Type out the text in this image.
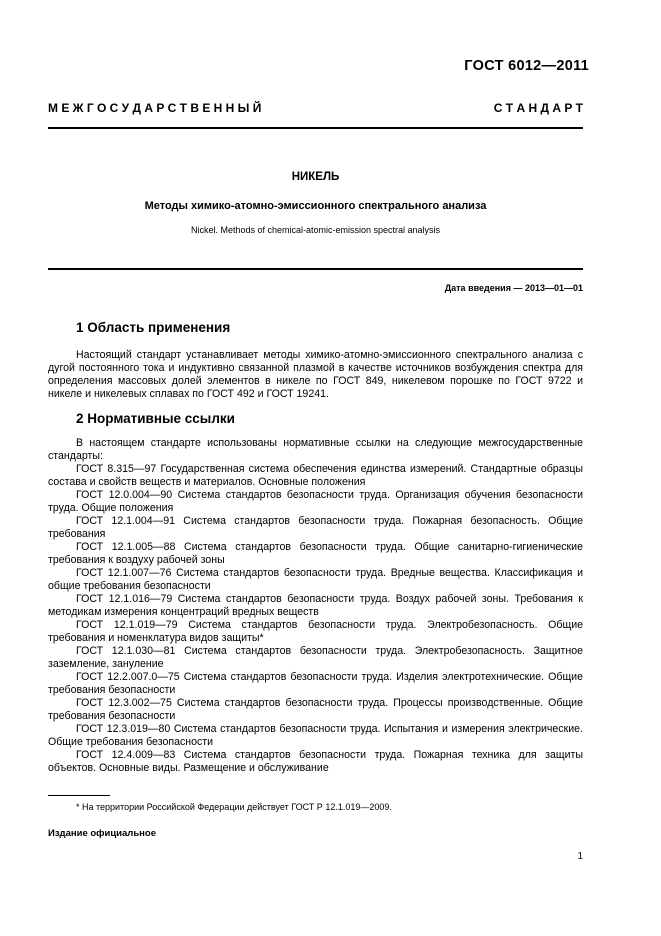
ГОСТ 6012—2011
М Е Ж Г О С У Д А Р С Т В Е Н Н Ы Й	С Т А Н Д А Р Т
НИКЕЛЬ
Методы химико-атомно-эмиссионного спектрального анализа
Nickel. Methods of chemical-atomic-emission spectral analysis
Дата введения — 2013—01—01
1 Область применения

Настоящий стандарт устанавливает методы химико-атомно-эмиссионного спектрального анализа с дугой постоянного тока и индуктивно связанной плазмой в качестве источников возбуждения спектра для определения массовых долей элементов в никеле по ГОСТ 849, никелевом порошке по ГОСТ 9722 и никеле и никелевых сплавах по ГОСТ 492 и ГОСТ 19241.

2 Нормативные ссылки

В настоящем стандарте использованы нормативные ссылки на следующие межгосударственные стандарты:

ГОСТ 8.315—97 Государственная система обеспечения единства измерений. Стандартные образцы состава и свойств веществ и материалов. Основные положения

ГОСТ 12.0.004—90 Система стандартов безопасности труда. Организация обучения безопасности труда. Общие положения

ГОСТ 12.1.004—91 Система стандартов безопасности труда. Пожарная безопасность. Общие требования

ГОСТ 12.1.005—88 Система стандартов безопасности труда. Общие санитарно-гигиенические требования к воздуху рабочей зоны

ГОСТ 12.1.007—76 Система стандартов безопасности труда. Вредные вещества. Классификация и общие требования безопасности

ГОСТ 12.1.016—79 Система стандартов безопасности труда. Воздух рабочей зоны. Требования к методикам измерения концентраций вредных веществ

ГОСТ 12.1.019—79 Система стандартов безопасности труда. Электробезопасность. Общие требования и номенклатура видов защиты*

ГОСТ 12.1.030—81 Система стандартов безопасности труда. Электробезопасность. Защитное заземление, зануление

ГОСТ 12.2.007.0—75 Система стандартов безопасности труда. Изделия электротехнические. Общие требования безопасности

ГОСТ 12.3.002—75 Система стандартов безопасности труда. Процессы производственные. Общие требования безопасности

ГОСТ 12.3.019—80 Система стандартов безопасности труда. Испытания и измерения электрические. Общие требования безопасности

ГОСТ 12.4.009—83 Система стандартов безопасности труда. Пожарная техника для защиты объектов. Основные виды. Размещение и обслуживание

* На территории Российской Федерации действует ГОСТ Р 12.1.019—2009.
Издание официальное
1
